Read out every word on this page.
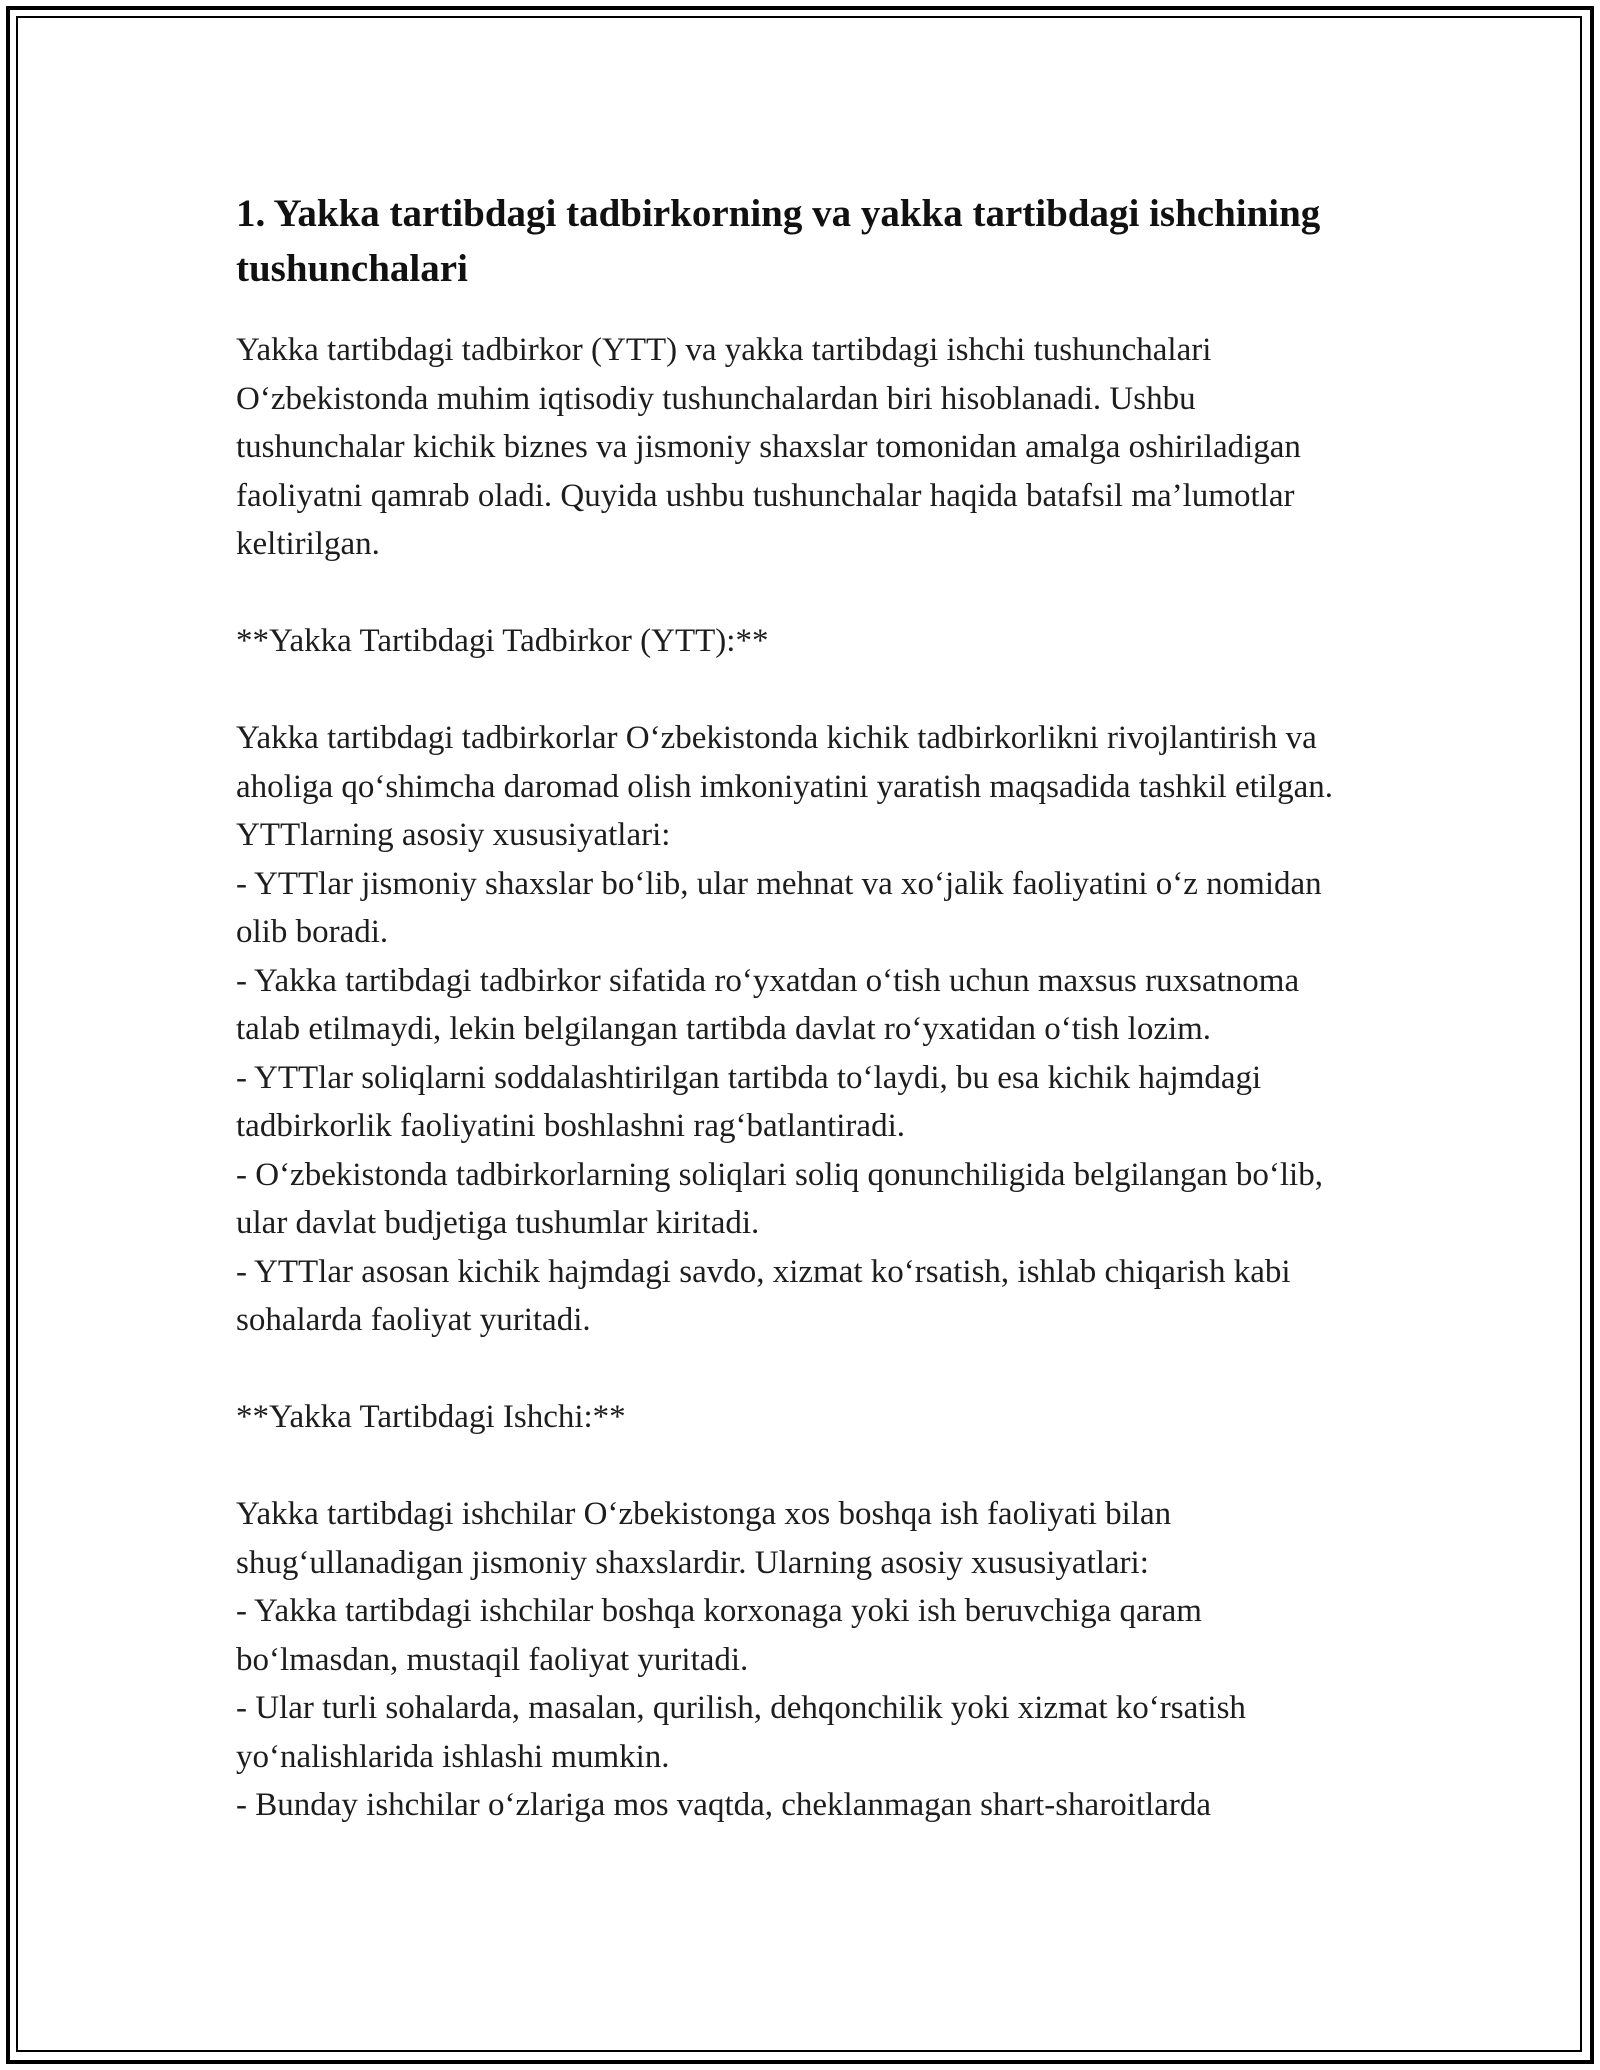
1. Yakka tartibdagi tadbirkorning va yakka tartibdagi ishchining tushunchalari

Yakka tartibdagi tadbirkor (YTT) va yakka tartibdagi ishchi tushunchalari O‘zbekistonda muhim iqtisodiy tushunchalardan biri hisoblanadi. Ushbu tushunchalar kichik biznes va jismoniy shaxslar tomonidan amalga oshiriladigan faoliyatni qamrab oladi. Quyida ushbu tushunchalar haqida batafsil ma’lumotlar keltirilgan.

**Yakka Tartibdagi Tadbirkor (YTT):**

Yakka tartibdagi tadbirkorlar O‘zbekistonda kichik tadbirkorlikni rivojlantirish va aholiga qo‘shimcha daromad olish imkoniyatini yaratish maqsadida tashkil etilgan. YTTlarning asosiy xususiyatlari:

- YTTlar jismoniy shaxslar bo‘lib, ular mehnat va xo‘jalik faoliyatini o‘z nomidan olib boradi.

- Yakka tartibdagi tadbirkor sifatida ro‘yxatdan o‘tish uchun maxsus ruxsatnoma talab etilmaydi, lekin belgilangan tartibda davlat ro‘yxatidan o‘tish lozim.

- YTTlar soliqlarni soddalashtirilgan tartibda to‘laydi, bu esa kichik hajmdagi tadbirkorlik faoliyatini boshlashni rag‘batlantiradi.

- O‘zbekistonda tadbirkorlarning soliqlari soliq qonunchiligida belgilangan bo‘lib, ular davlat budjetiga tushumlar kiritadi.

- YTTlar asosan kichik hajmdagi savdo, xizmat ko‘rsatish, ishlab chiqarish kabi sohalarda faoliyat yuritadi.

**Yakka Tartibdagi Ishchi:**

Yakka tartibdagi ishchilar O‘zbekistonga xos boshqa ish faoliyati bilan shug‘ullanadigan jismoniy shaxslardir. Ularning asosiy xususiyatlari:

- Yakka tartibdagi ishchilar boshqa korxonaga yoki ish beruvchiga qaram bo‘lmasdan, mustaqil faoliyat yuritadi.

- Ular turli sohalarda, masalan, qurilish, dehqonchilik yoki xizmat ko‘rsatish yo‘nalishlarida ishlashi mumkin.

- Bunday ishchilar o‘zlariga mos vaqtda, cheklanmagan shart-sharoitlarda
